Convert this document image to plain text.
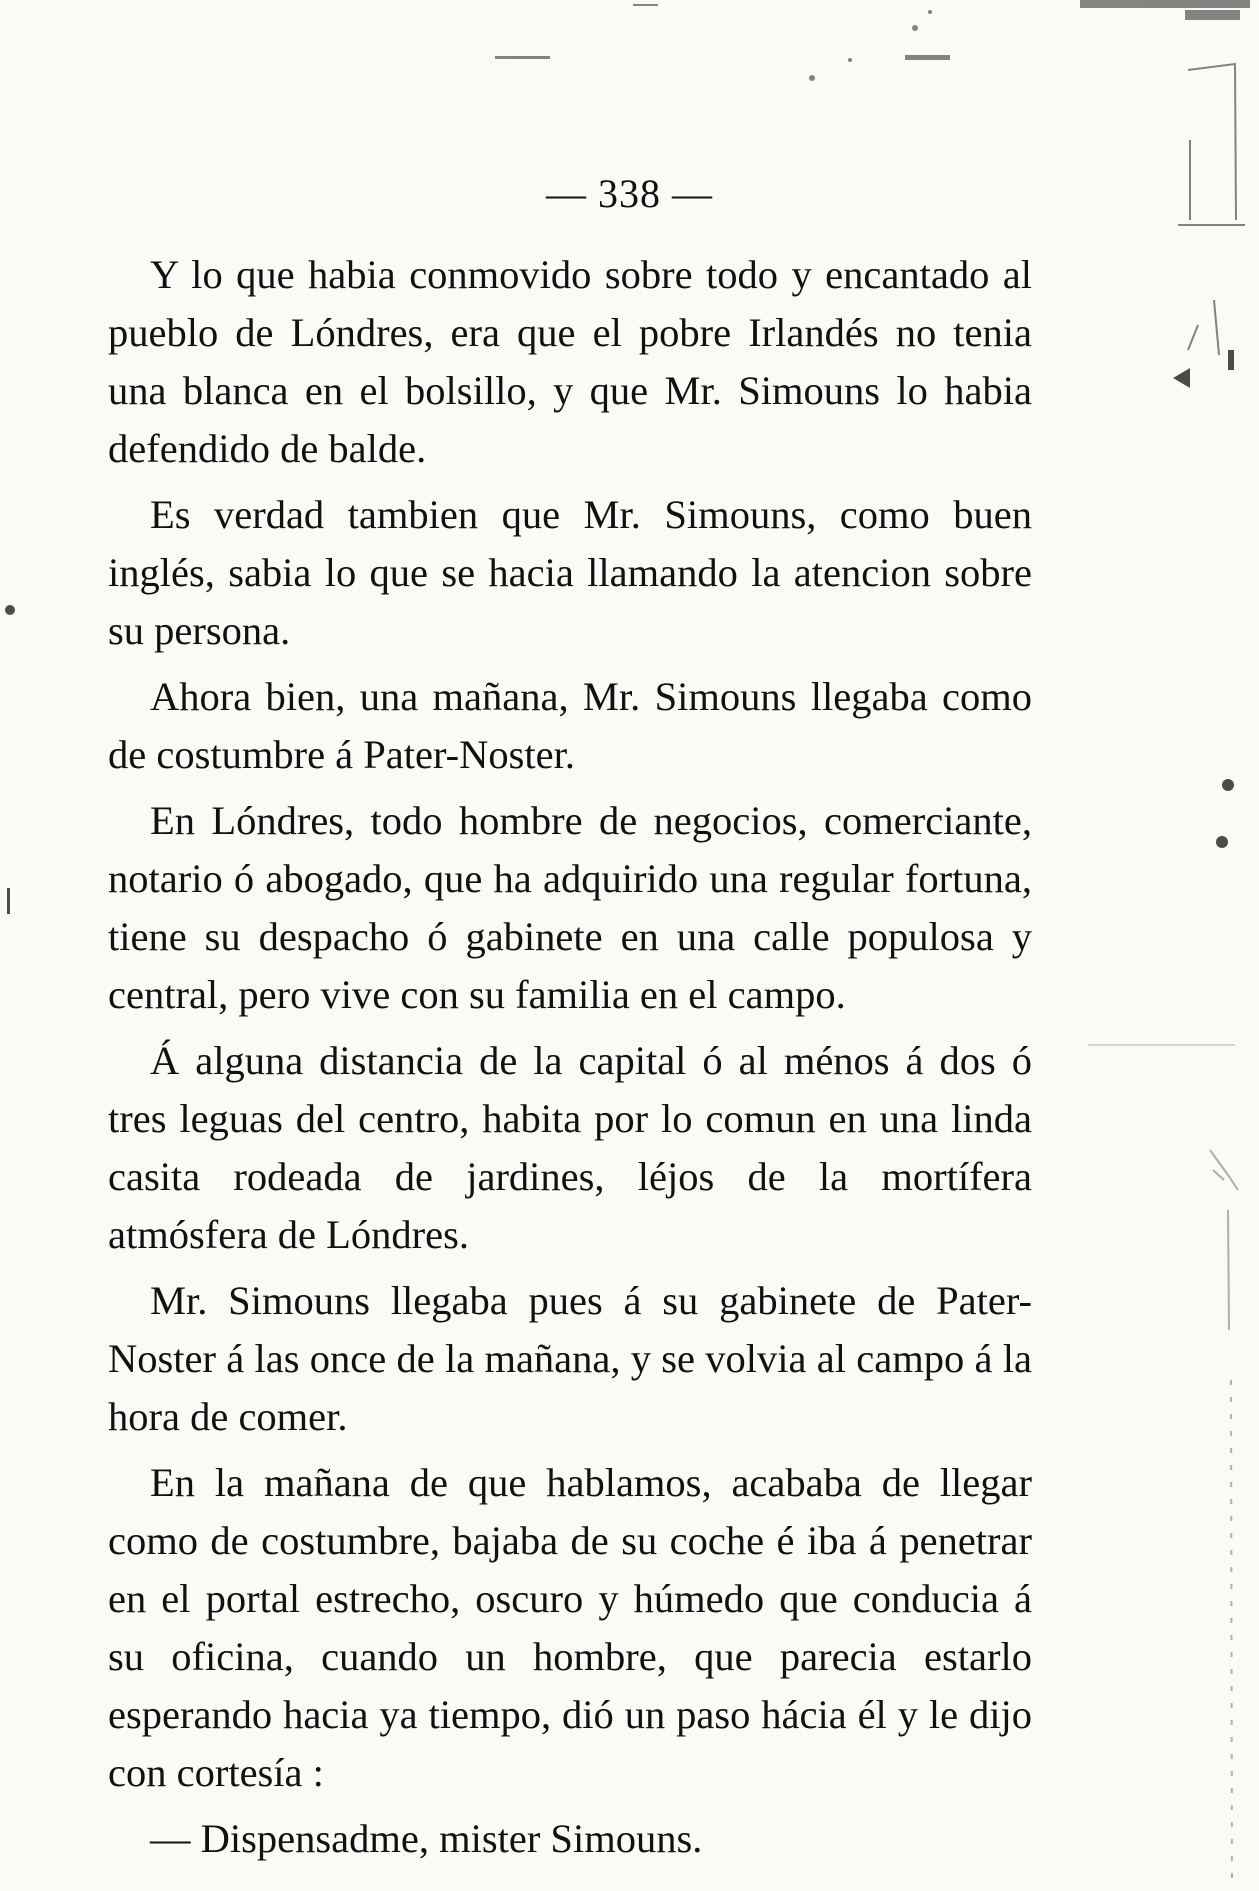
— 338 —

Y lo que habia conmovido sobre todo y encantado al pueblo de Lóndres, era que el pobre Irlandés no tenia una blanca en el bolsillo, y que Mr. Simouns lo habia defendido de balde.

Es verdad tambien que Mr. Simouns, como buen inglés, sabia lo que se hacia llamando la atencion sobre su persona.

Ahora bien, una mañana, Mr. Simouns llegaba como de costumbre á Pater-Noster.

En Lóndres, todo hombre de negocios, comerciante, notario ó abogado, que ha adquirido una regular fortuna, tiene su despacho ó gabinete en una calle populosa y central, pero vive con su familia en el campo.

Á alguna distancia de la capital ó al ménos á dos ó tres leguas del centro, habita por lo comun en una linda casita rodeada de jardines, léjos de la mortífera atmósfera de Lóndres.

Mr. Simouns llegaba pues á su gabinete de Pater-Noster á las once de la mañana, y se volvia al campo á la hora de comer.

En la mañana de que hablamos, acababa de llegar como de costumbre, bajaba de su coche é iba á penetrar en el portal estrecho, oscuro y húmedo que conducia á su oficina, cuando un hombre, que parecia estarlo esperando hacia ya tiempo, dió un paso hácia él y le dijo con cortesía :

— Dispensadme, mister Simouns.
